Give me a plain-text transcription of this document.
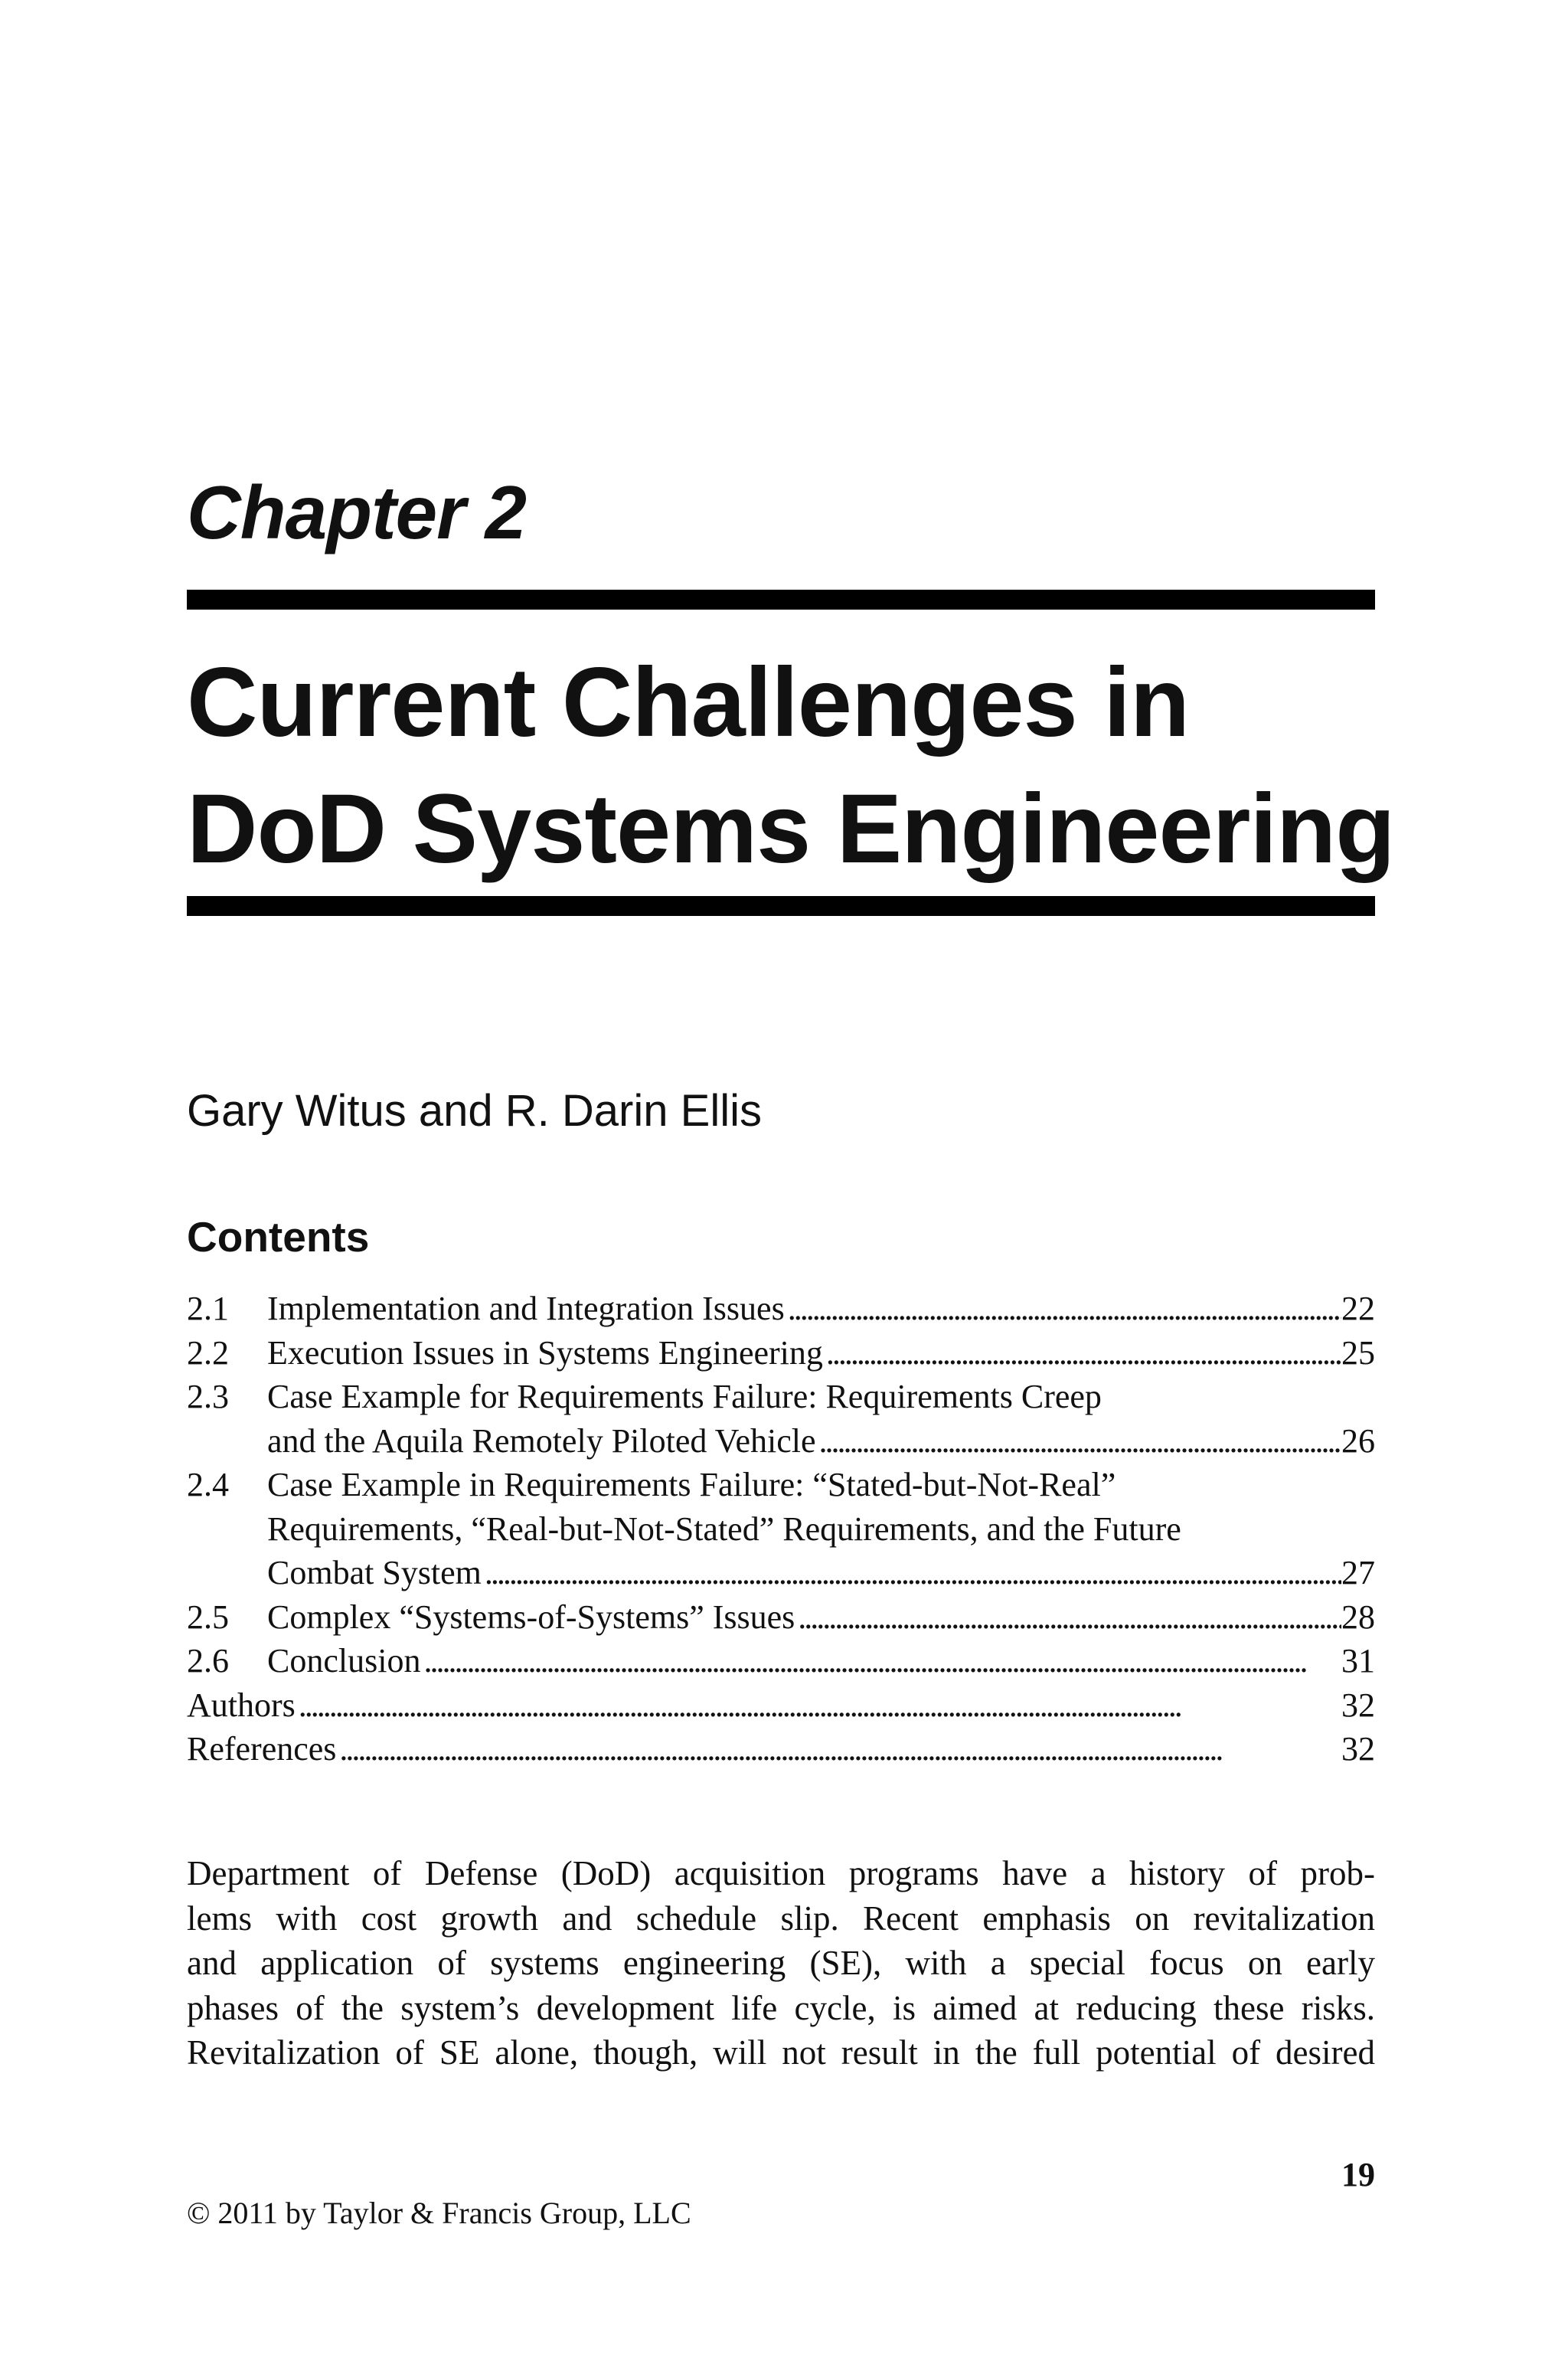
Chapter 2
Current Challenges in
DoD Systems Engineering
Gary Witus and R. Darin Ellis
Contents
2.1	Implementation and Integration Issues . . .	22
2.2	Execution Issues in Systems Engineering . . .	25
2.3	Case Example for Requirements Failure: Requirements Creep
and the Aquila Remotely Piloted Vehicle . . .	26
2.4	Case Example in Requirements Failure: “Stated-but-Not-Real”
Requirements, “Real-but-Not-Stated” Requirements, and the Future
Combat System . . .	27
2.5	Complex “Systems-of-Systems” Issues . . .	28
2.6	Conclusion . . .	31
Authors . . .	32
References . . .	32
Department of Defense (DoD) acquisition programs have a history of prob-
lems with cost growth and schedule slip. Recent emphasis on revitalization
and application of systems engineering (SE), with a special focus on early
phases of the system’s development life cycle, is aimed at reducing these risks.
Revitalization of SE alone, though, will not result in the full potential of desired
19
© 2011 by Taylor & Francis Group, LLC
